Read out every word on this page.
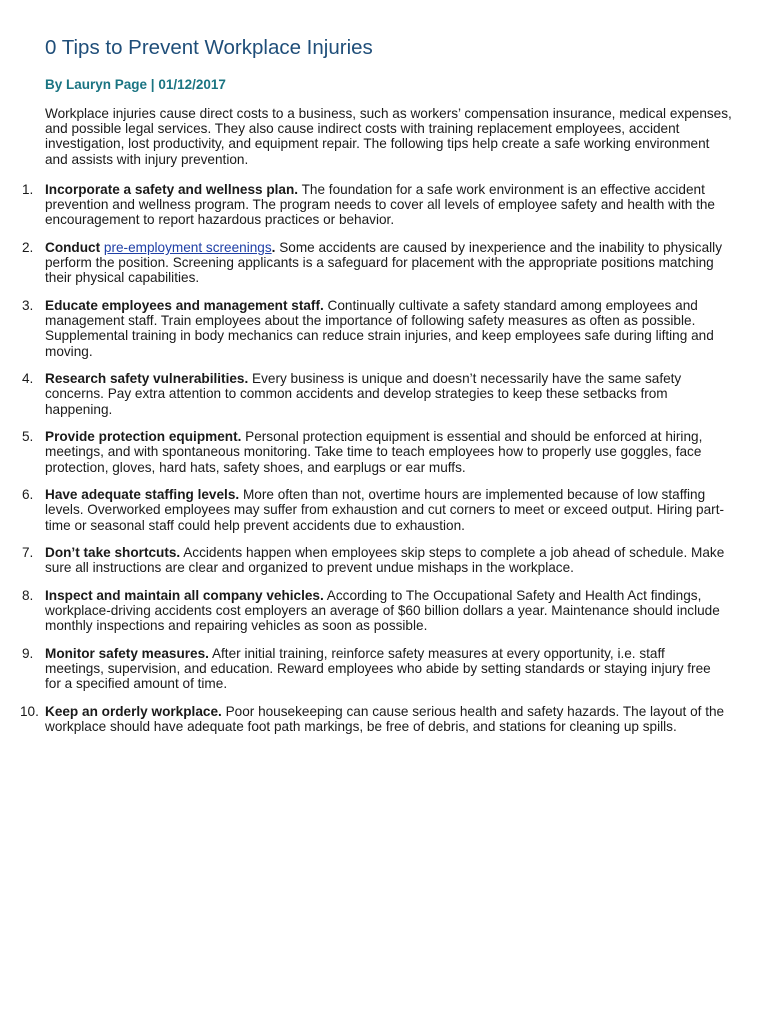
0 Tips to Prevent Workplace Injuries
By Lauryn Page | 01/12/2017

Workplace injuries cause direct costs to a business, such as workers’ compensation insurance, medical expenses, and possible legal services. They also cause indirect costs with training replacement employees, accident investigation, lost productivity, and equipment repair. The following tips help create a safe working environment and assists with injury prevention.

1. Incorporate a safety and wellness plan. The foundation for a safe work environment is an effective accident prevention and wellness program. The program needs to cover all levels of employee safety and health with the encouragement to report hazardous practices or behavior.
2. Conduct pre-employment screenings. Some accidents are caused by inexperience and the inability to physically perform the position. Screening applicants is a safeguard for placement with the appropriate positions matching their physical capabilities.
3. Educate employees and management staff. Continually cultivate a safety standard among employees and management staff. Train employees about the importance of following safety measures as often as possible. Supplemental training in body mechanics can reduce strain injuries, and keep employees safe during lifting and moving.
4. Research safety vulnerabilities. Every business is unique and doesn’t necessarily have the same safety concerns. Pay extra attention to common accidents and develop strategies to keep these setbacks from happening.
5. Provide protection equipment. Personal protection equipment is essential and should be enforced at hiring, meetings, and with spontaneous monitoring. Take time to teach employees how to properly use goggles, face protection, gloves, hard hats, safety shoes, and earplugs or ear muffs.
6. Have adequate staffing levels. More often than not, overtime hours are implemented because of low staffing levels. Overworked employees may suffer from exhaustion and cut corners to meet or exceed output. Hiring part-time or seasonal staff could help prevent accidents due to exhaustion.
7. Don’t take shortcuts. Accidents happen when employees skip steps to complete a job ahead of schedule. Make sure all instructions are clear and organized to prevent undue mishaps in the workplace.
8. Inspect and maintain all company vehicles. According to The Occupational Safety and Health Act findings, workplace-driving accidents cost employers an average of $60 billion dollars a year. Maintenance should include monthly inspections and repairing vehicles as soon as possible.
9. Monitor safety measures. After initial training, reinforce safety measures at every opportunity, i.e. staff meetings, supervision, and education. Reward employees who abide by setting standards or staying injury free for a specified amount of time.
10. Keep an orderly workplace. Poor housekeeping can cause serious health and safety hazards. The layout of the workplace should have adequate foot path markings, be free of debris, and stations for cleaning up spills.
